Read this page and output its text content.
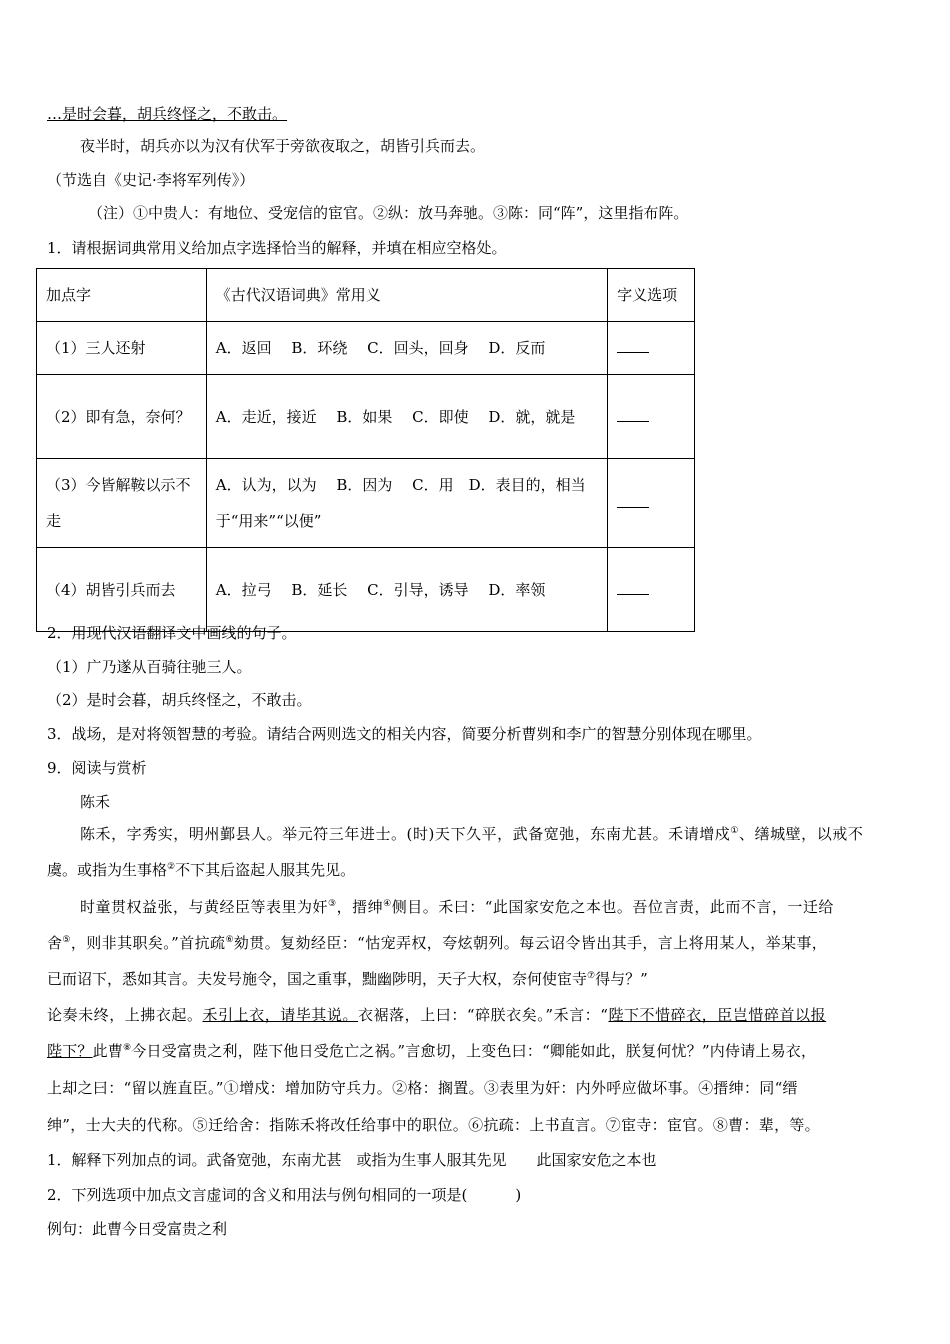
…是时会暮，胡兵终怪之，不敢击。
夜半时，胡兵亦以为汉有伏军于旁欲夜取之，胡皆引兵而去。
（节选自《史记·李将军列传》）
（注）①中贵人：有地位、受宠信的宦官。②纵：放马奔驰。③陈：同“阵”，这里指布阵。
1．请根据词典常用义给加点字选择恰当的解释，并填在相应空格处。
加点字	《古代汉语词典》常用义	字义选项
（1）三人还射	A．返回　 B．环绕　 C．回头，回身　 D．反而	
（2）即有急，奈何？	A．走近，接近　 B．如果　 C．即使　 D．就，就是	
（3）今皆解鞍以示不走	A．认为，以为　 B．因为　 C．用　D．表目的，相当于“用来”“以便”	
（4）胡皆引兵而去	A．拉弓　 B．延长　 C．引导，诱导　 D．率领	
2．用现代汉语翻译文中画线的句子。
（1）广乃遂从百骑往驰三人。
（2）是时会暮，胡兵终怪之，不敢击。
3．战场，是对将领智慧的考验。请结合两则选文的相关内容，简要分析曹刿和李广的智慧分别体现在哪里。
9．阅读与赏析
陈禾
陈禾，字秀实，明州鄞县人。举元符三年进士。(时)天下久平，武备宽弛，东南尤甚。禾请增戍①、缮城壁，以戒不
虞。或指为生事格②不下其后盗起人服其先见。
时童贯权益张，与黄经臣等表里为奸③，搢绅④侧目。禾曰：“此国家安危之本也。吾位言责，此而不言，一迁给
舍⑤，则非其职矣。”首抗疏⑥劾贯。复劾经臣：“怙宠弄权，夸炫朝列。每云诏令皆出其手，言上将用某人，举某事，
已而诏下，悉如其言。夫发号施令，国之重事，黜幽陟明，天子大权，奈何使宦寺⑦得与？”
论奏未终，上拂衣起。禾引上衣，请毕其说。衣裾落，上曰：“碎朕衣矣。”禾言：“陛下不惜碎衣，臣岂惜碎首以报
陛下？此曹⑧今日受富贵之利，陛下他日受危亡之祸。”言愈切，上变色曰：“卿能如此，朕复何忧？”内侍请上易衣，
上却之曰：“留以旌直臣。”①增戍：增加防守兵力。②格：搁置。③表里为奸：内外呼应做坏事。④搢绅：同“缙
绅”，士大夫的代称。⑤迁给舍：指陈禾将改任给事中的职位。⑥抗疏：上书直言。⑦宦寺：宦官。⑧曹：辈，等。
1．解释下列加点的词。武备宽弛，东南尤甚　或指为生事人服其先见　　此国家安危之本也
2．下列选项中加点文言虚词的含义和用法与例句相同的一项是(	)
例句：此曹今日受富贵之利
